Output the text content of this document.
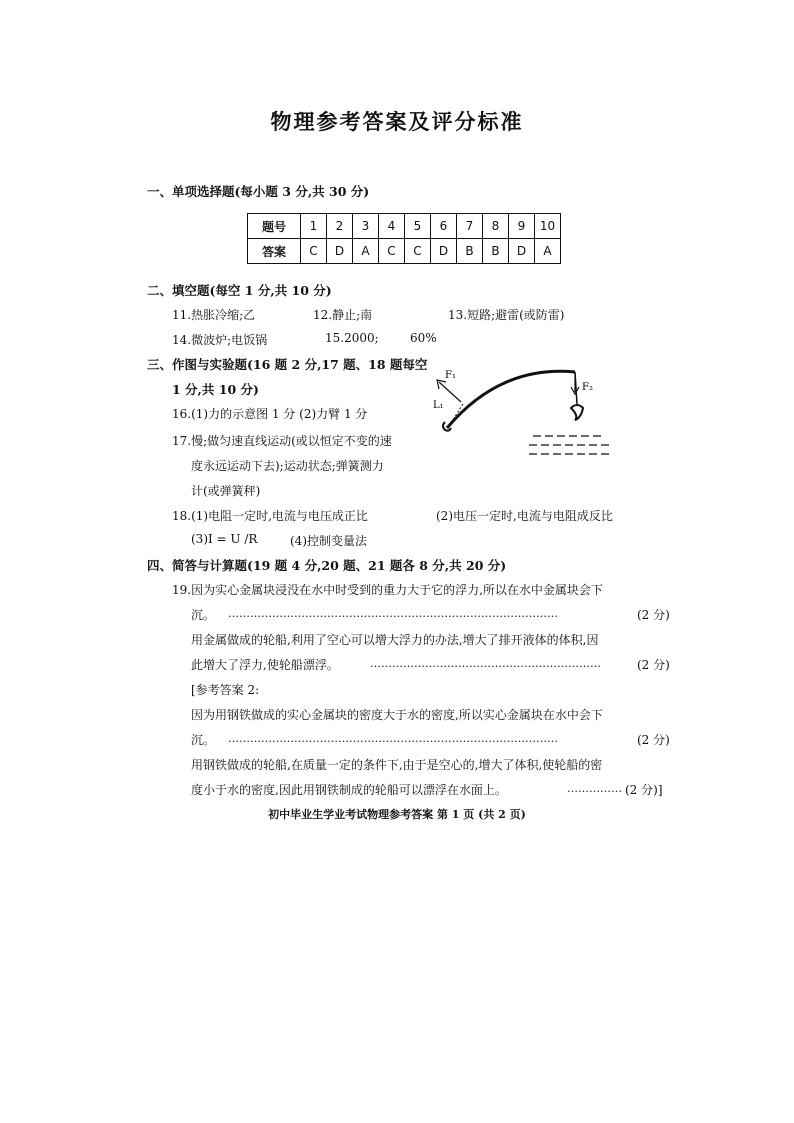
物理参考答案及评分标准
一、单项选择题(每小题 3 分,共 30 分)
题号	1	2	3	4	5	6	7	8	9	10
答案	C	D	A	C	C	D	B	B	D	A
二、填空题(每空 1 分,共 10 分)
11.热胀冷缩;乙	12.静止;南	13.短路;避雷(或防雷)
14.微波炉;电饭锅	15.2000;	60%
三、作图与实验题(16 题 2 分,17 题、18 题每空
1 分,共 10 分)
16.(1)力的示意图 1 分 (2)力臂 1 分
17.慢;做匀速直线运动(或以恒定不变的速
度永远运动下去);运动状态;弹簧测力
计(或弹簧秤)
F₂
F₁
L₁
18.(1)电阻一定时,电流与电压成正比	(2)电压一定时,电流与电阻成反比
(3)I = U /R	(4)控制变量法
四、简答与计算题(19 题 4 分,20 题、21 题各 8 分,共 20 分)
19.因为实心金属块浸没在水中时受到的重力大于它的浮力,所以在水中金属块会下
沉。 ………………………………………………………………………………	(2 分)
用金属做成的轮船,利用了空心可以增大浮力的办法,增大了排开液体的体积,因
此增大了浮力,使轮船漂浮。	………………………………………………………	(2 分)
[参考答案 2:
因为用钢铁做成的实心金属块的密度大于水的密度,所以实心金属块在水中会下
沉。 ………………………………………………………………………………	(2 分)
用钢铁做成的轮船,在质量一定的条件下,由于是空心的,增大了体积,使轮船的密
度小于水的密度,因此用钢铁制成的轮船可以漂浮在水面上。	…………… (2 分)]
初中毕业生学业考试物理参考答案 第 1 页 (共 2 页)
